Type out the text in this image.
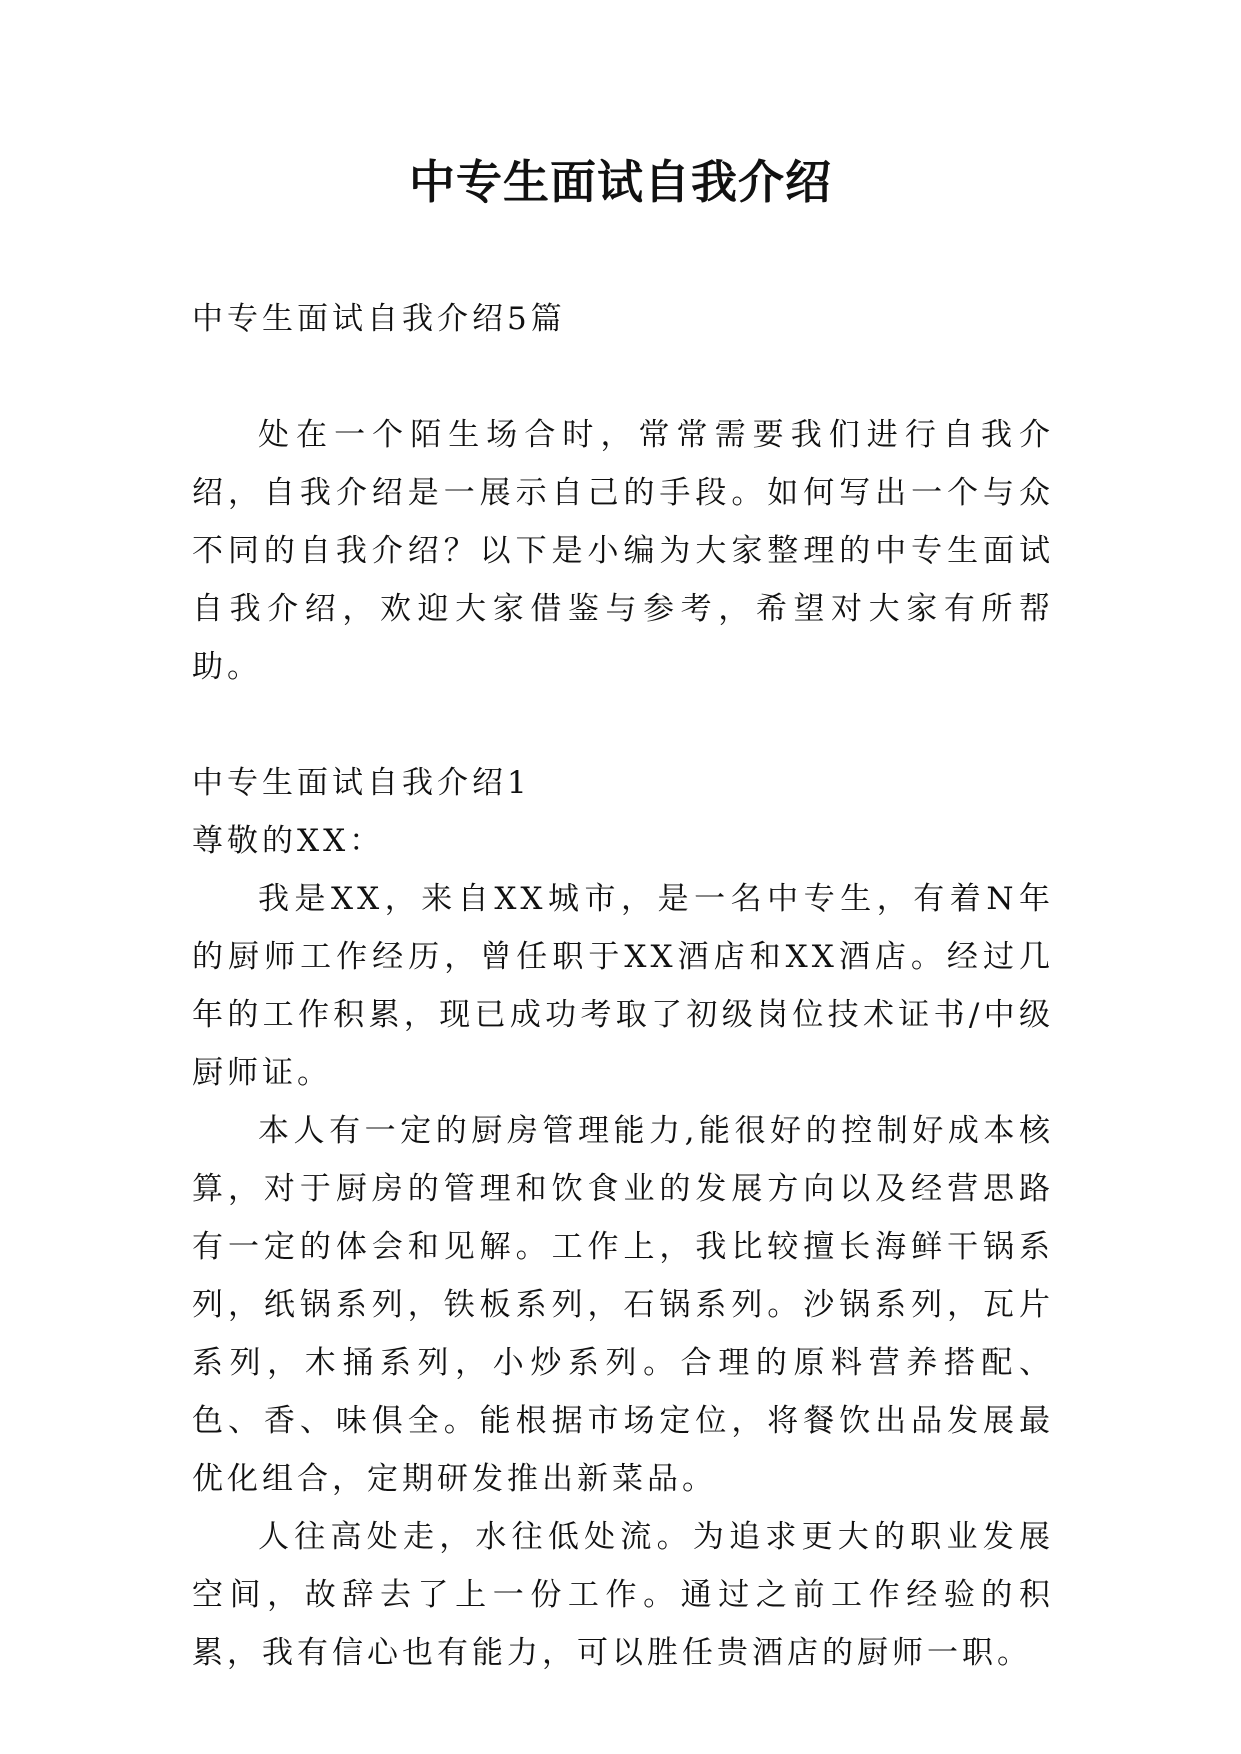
中专生面试自我介绍

中专生面试自我介绍5篇

处在一个陌生场合时，常常需要我们进行自我介绍，自我介绍是一展示自己的手段。如何写出一个与众不同的自我介绍？以下是小编为大家整理的中专生面试自我介绍，欢迎大家借鉴与参考，希望对大家有所帮助。

中专生面试自我介绍1

尊敬的XX：

我是XX，来自XX城市，是一名中专生，有着N年的厨师工作经历，曾任职于XX酒店和XX酒店。经过几年的工作积累，现已成功考取了初级岗位技术证书/中级厨师证。

本人有一定的厨房管理能力,能很好的控制好成本核算，对于厨房的管理和饮食业的发展方向以及经营思路有一定的体会和见解。工作上，我比较擅长海鲜干锅系列，纸锅系列，铁板系列，石锅系列。沙锅系列，瓦片系列，木捅系列，小炒系列。合理的原料营养搭配、色、香、味俱全。能根据市场定位，将餐饮出品发展最优化组合，定期研发推出新菜品。

人往高处走，水往低处流。为追求更大的职业发展空间，故辞去了上一份工作。通过之前工作经验的积累，我有信心也有能力，可以胜任贵酒店的厨师一职。
